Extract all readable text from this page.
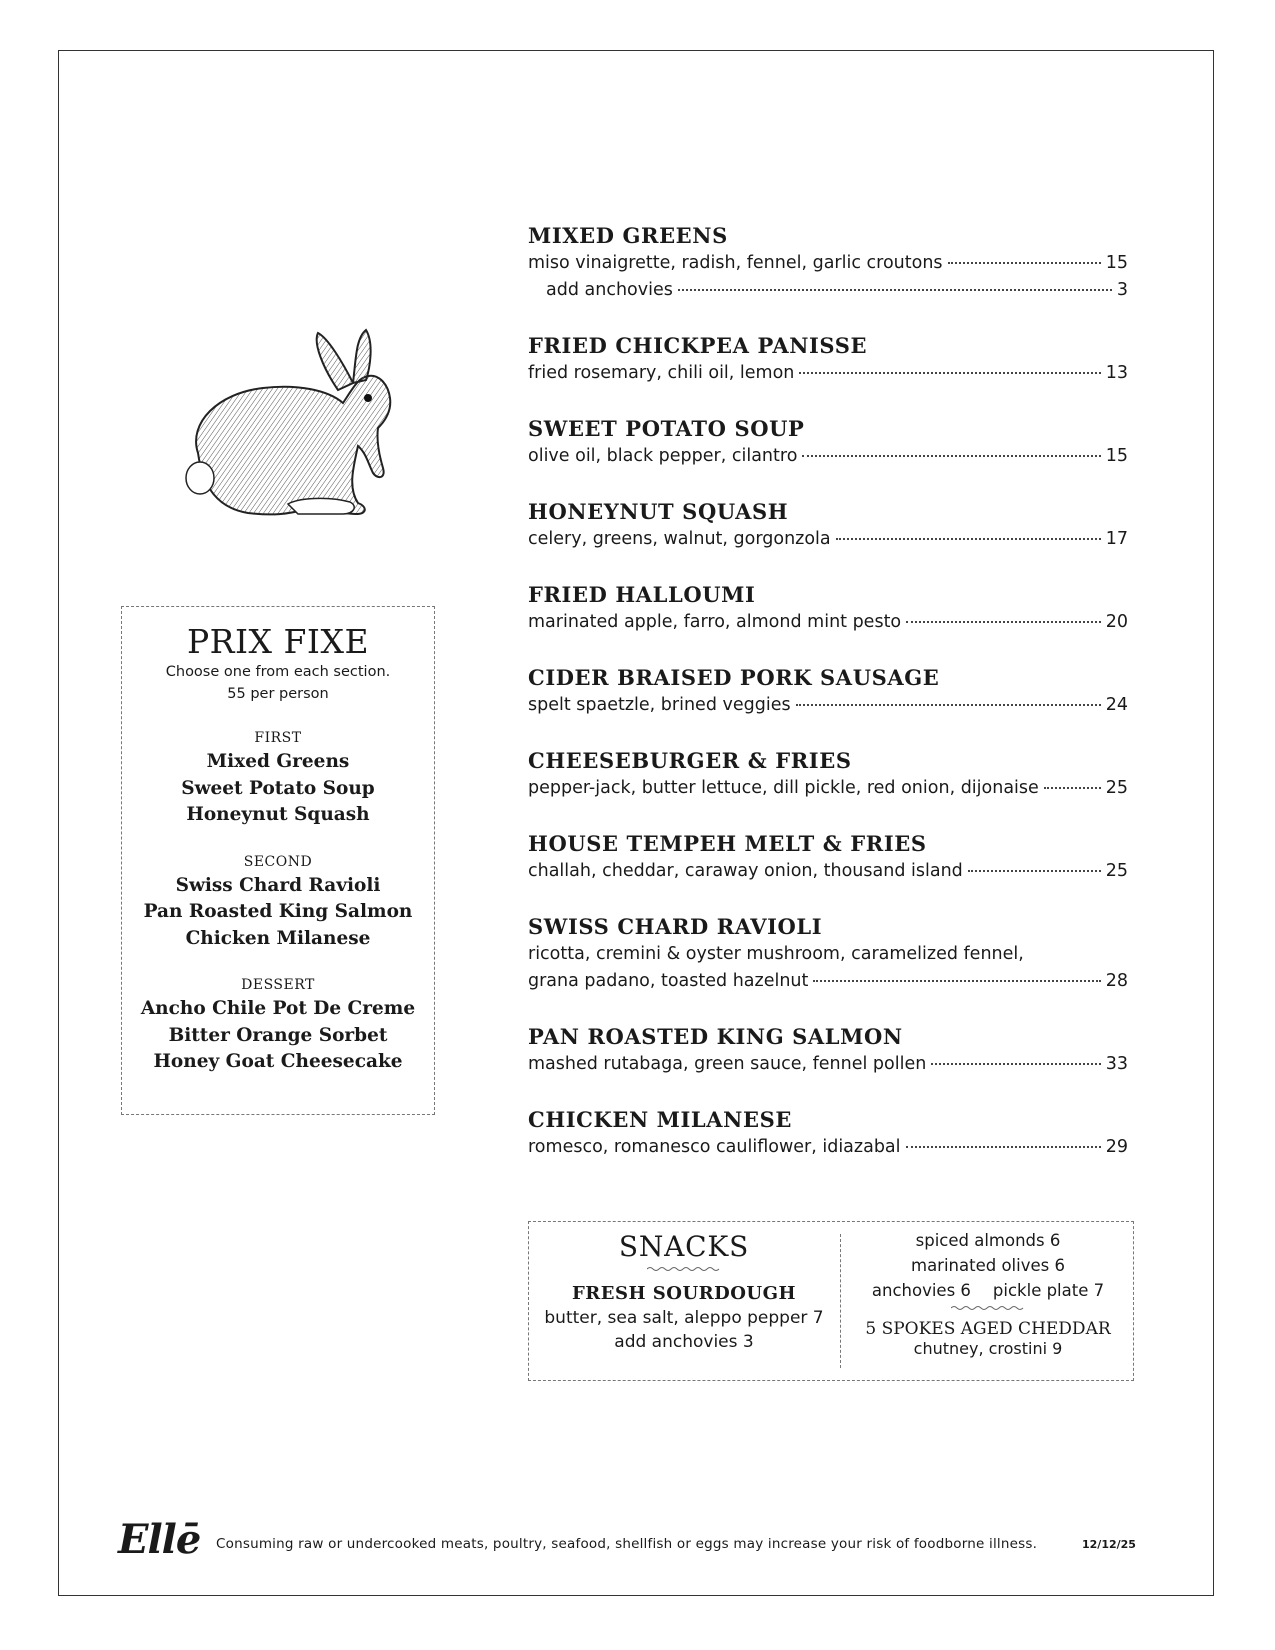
PRIX FIXE
Choose one from each section.
55 per person
FIRST
Mixed Greens
Sweet Potato Soup
Honeynut Squash
SECOND
Swiss Chard Ravioli
Pan Roasted King Salmon
Chicken Milanese
DESSERT
Ancho Chile Pot De Creme
Bitter Orange Sorbet
Honey Goat Cheesecake
MIXED GREENS
miso vinaigrette, radish, fennel, garlic croutons	15
add anchovies	3
FRIED CHICKPEA PANISSE
fried rosemary, chili oil, lemon	13
SWEET POTATO SOUP
olive oil, black pepper, cilantro	15
HONEYNUT SQUASH
celery, greens, walnut, gorgonzola	17
FRIED HALLOUMI
marinated apple, farro, almond mint pesto	20
CIDER BRAISED PORK SAUSAGE
spelt spaetzle, brined veggies	24
CHEESEBURGER & FRIES
pepper-jack, butter lettuce, dill pickle, red onion, dijonaise	25
HOUSE TEMPEH MELT & FRIES
challah, cheddar, caraway onion, thousand island	25
SWISS CHARD RAVIOLI
ricotta, cremini & oyster mushroom, caramelized fennel,
grana padano, toasted hazelnut	28
PAN ROASTED KING SALMON
mashed rutabaga, green sauce, fennel pollen	33
CHICKEN MILANESE
romesco, romanesco cauliflower, idiazabal	29
SNACKS
FRESH SOURDOUGH
butter, sea salt, aleppo pepper 7
add anchovies 3
spiced almonds 6
marinated olives 6
anchovies 6 pickle plate 7
5 SPOKES AGED CHEDDAR
chutney, crostini 9
Ellē Consuming raw or undercooked meats, poultry, seafood, shellfish or eggs may increase your risk of foodborne illness.	12/12/25
